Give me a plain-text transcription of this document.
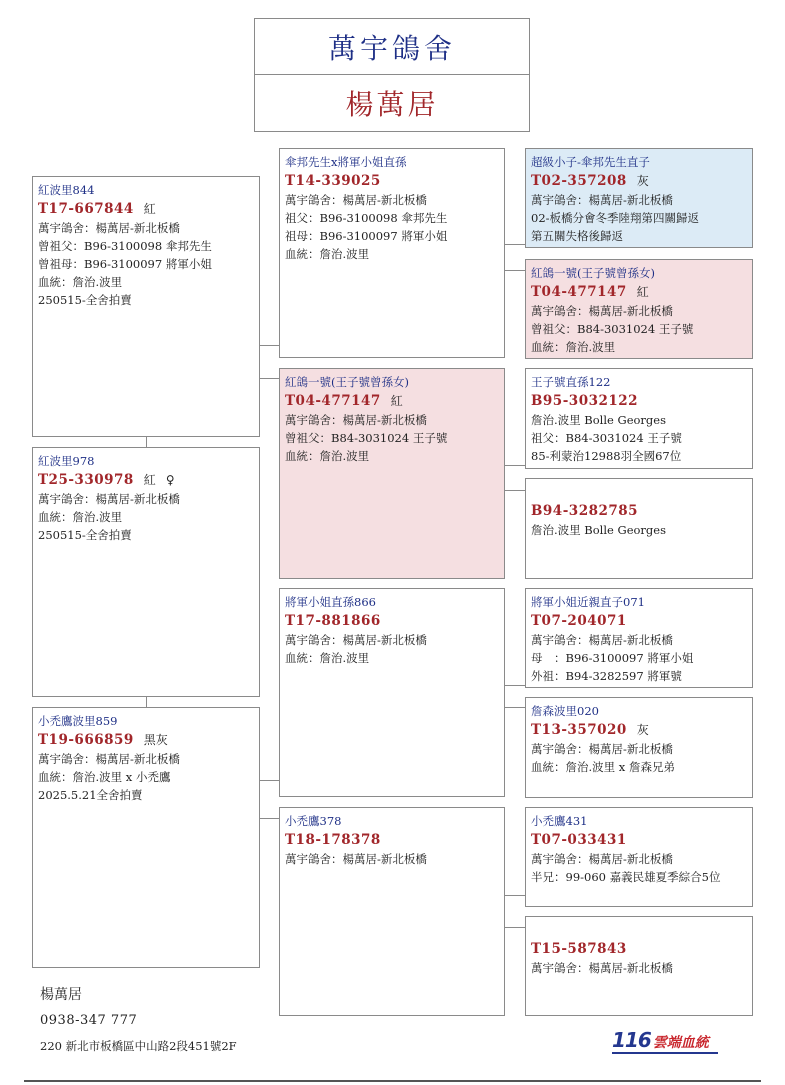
萬宇鴿舍
楊萬居
紅波里844
T17-667844 紅
萬宇鴿舍：楊萬居-新北板橋
曾祖父：B96-3100098 傘邦先生
曾祖母：B96-3100097 將軍小姐
血統：詹治.波里
250515-全舍拍賣
紅波里978
T25-330978 紅 ♀
萬宇鴿舍：楊萬居-新北板橋
血統：詹治.波里
250515-全舍拍賣
小禿鷹波里859
T19-666859 黑灰
萬宇鴿舍：楊萬居-新北板橋
血統：詹治.波里 x 小禿鷹
2025.5.21全舍拍賣
傘邦先生x將軍小姐直孫
T14-339025
萬宇鴿舍：楊萬居-新北板橋
祖父：B96-3100098 傘邦先生
祖母：B96-3100097 將軍小姐
血統：詹治.波里
紅鴿一號(王子號曾孫女)
T04-477147 紅
萬宇鴿舍：楊萬居-新北板橋
曾祖父：B84-3031024 王子號
血統：詹治.波里
將軍小姐直孫866
T17-881866
萬宇鴿舍：楊萬居-新北板橋
血統：詹治.波里
小禿鷹378
T18-178378
萬宇鴿舍：楊萬居-新北板橋
超級小子-傘邦先生直子
T02-357208 灰
萬宇鴿舍：楊萬居-新北板橋
02-板橋分會冬季陸翔第四關歸返
第五關失格後歸返
紅鴿一號(王子號曾孫女)
T04-477147 紅
萬宇鴿舍：楊萬居-新北板橋
曾祖父：B84-3031024 王子號
血統：詹治.波里
王子號直孫122
B95-3032122
詹治.波里 Bolle Georges
祖父：B84-3031024 王子號
85-利蒙治12988羽全國67位
B94-3282785
詹治.波里 Bolle Georges
將軍小姐近親直子071
T07-204071
萬宇鴿舍：楊萬居-新北板橋
母　：B96-3100097 將軍小姐
外祖：B94-3282597 將軍號
詹森波里020
T13-357020 灰
萬宇鴿舍：楊萬居-新北板橋
血統：詹治.波里 x 詹森兄弟
小禿鷹431
T07-033431
萬宇鴿舍：楊萬居-新北板橋
半兄：99-060 嘉義民雄夏季綜合5位
T15-587843
萬宇鴿舍：楊萬居-新北板橋
楊萬居
0938-347 777
220 新北市板橋區中山路2段451號2F	116 雲端血統
